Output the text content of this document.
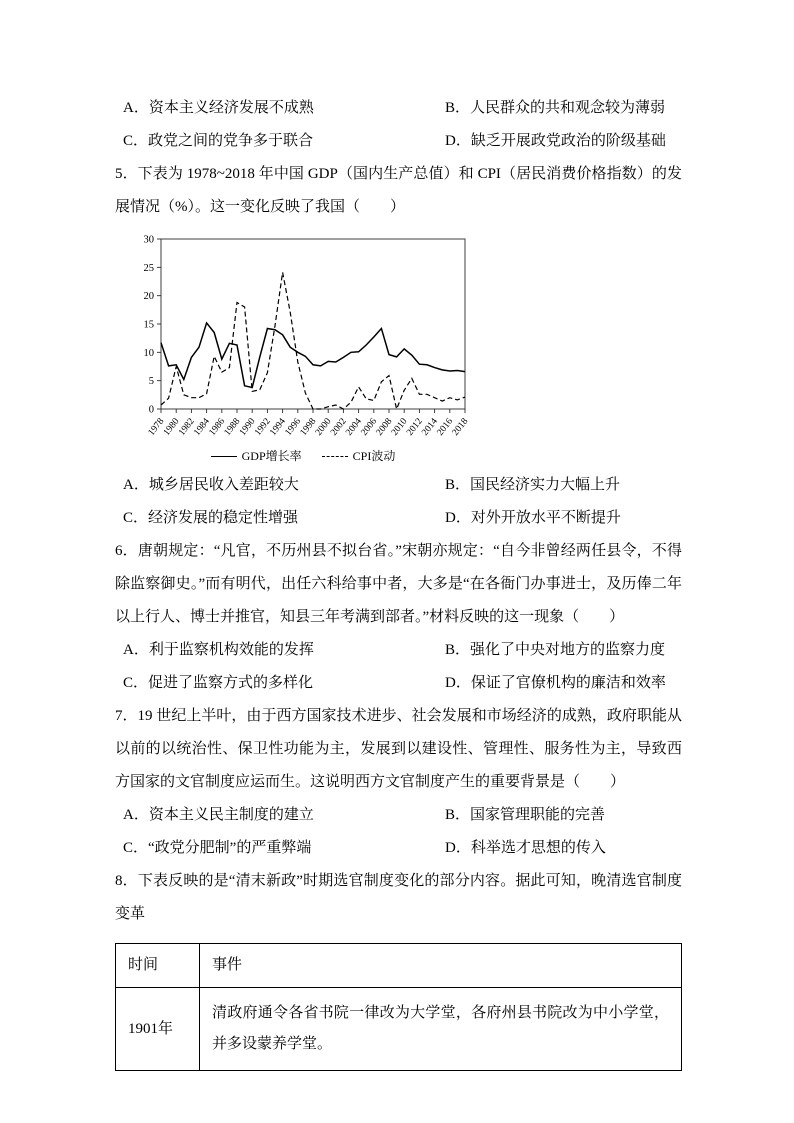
A．资本主义经济发展不成熟	B．人民群众的共和观念较为薄弱
C．政党之间的党争多于联合	D．缺乏开展政党政治的阶级基础

5．下表为 1978~2018 年中国 GDP（国内生产总值）和 CPI（居民消费价格指数）的发展情况（%）。这一变化反映了我国（　　）

0
5
10
15
20
25
30
1978
1980
1982
1984
1986
1988
1990
1992
1994
1996
1998
2000
2002
2004
2006
2008
2010
2012
2014
2016
2018
GDP增长率	CPI波动
A．城乡居民收入差距较大	B．国民经济实力大幅上升
C．经济发展的稳定性增强	D．对外开放水平不断提升

6．唐朝规定：“凡官，不历州县不拟台省。”宋朝亦规定：“自今非曾经两任县令，不得除监察御史。”而有明代，出任六科给事中者，大多是“在各衙门办事进士，及历俸二年以上行人、博士并推官，知县三年考满到部者。”材料反映的这一现象（　　）

A．利于监察机构效能的发挥	B．强化了中央对地方的监察力度
C．促进了监察方式的多样化	D．保证了官僚机构的廉洁和效率

7．19 世纪上半叶，由于西方国家技术进步、社会发展和市场经济的成熟，政府职能从以前的以统治性、保卫性功能为主，发展到以建设性、管理性、服务性为主，导致西方国家的文官制度应运而生。这说明西方文官制度产生的重要背景是（　　）

A．资本主义民主制度的建立	B．国家管理职能的完善
C．“政党分肥制”的严重弊端	D．科举选才思想的传入

8．下表反映的是“清末新政”时期选官制度变化的部分内容。据此可知，晚清选官制度变革

时间	事件
1901年	清政府通令各省书院一律改为大学堂，各府州县书院改为中小学堂，并多设蒙养学堂。
